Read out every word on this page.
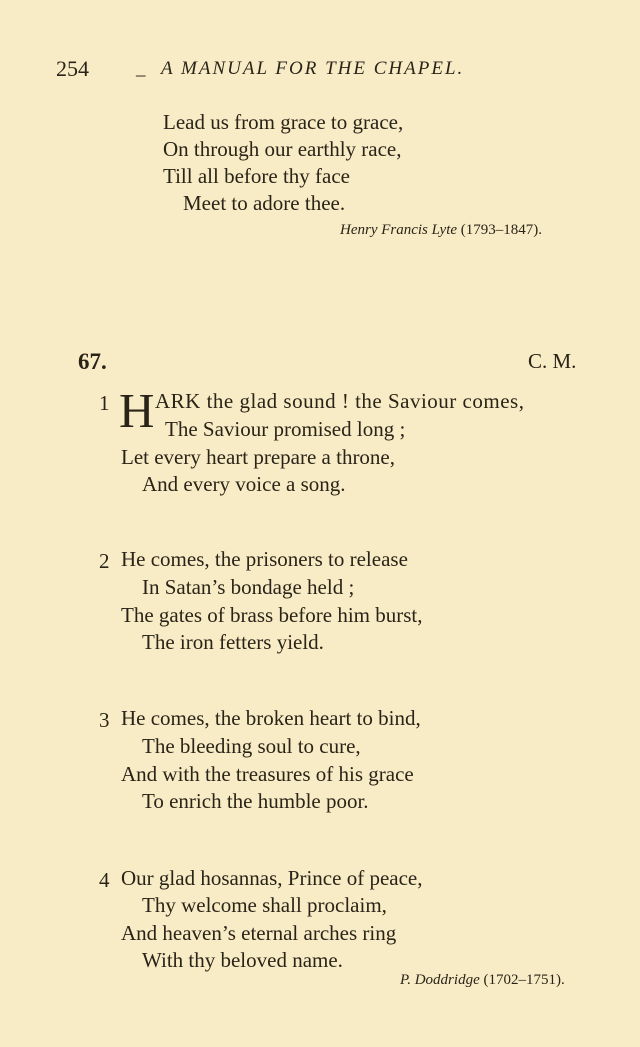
254 _ A MANUAL FOR THE CHAPEL.
Lead us from grace to grace,
On through our earthly race,
Till all before thy face
Meet to adore thee.
Henry Francis Lyte (1793–1847).
67.	C. M.
1 H ARK the glad sound ! the Saviour comes,
The Saviour promised long ;
Let every heart prepare a throne,
And every voice a song.
2 He comes, the prisoners to release
In Satan’s bondage held ;
The gates of brass before him burst,
The iron fetters yield.
3 He comes, the broken heart to bind,
The bleeding soul to cure,
And with the treasures of his grace
To enrich the humble poor.
4 Our glad hosannas, Prince of peace,
Thy welcome shall proclaim,
And heaven’s eternal arches ring
With thy beloved name.
P. Doddridge (1702–1751).
